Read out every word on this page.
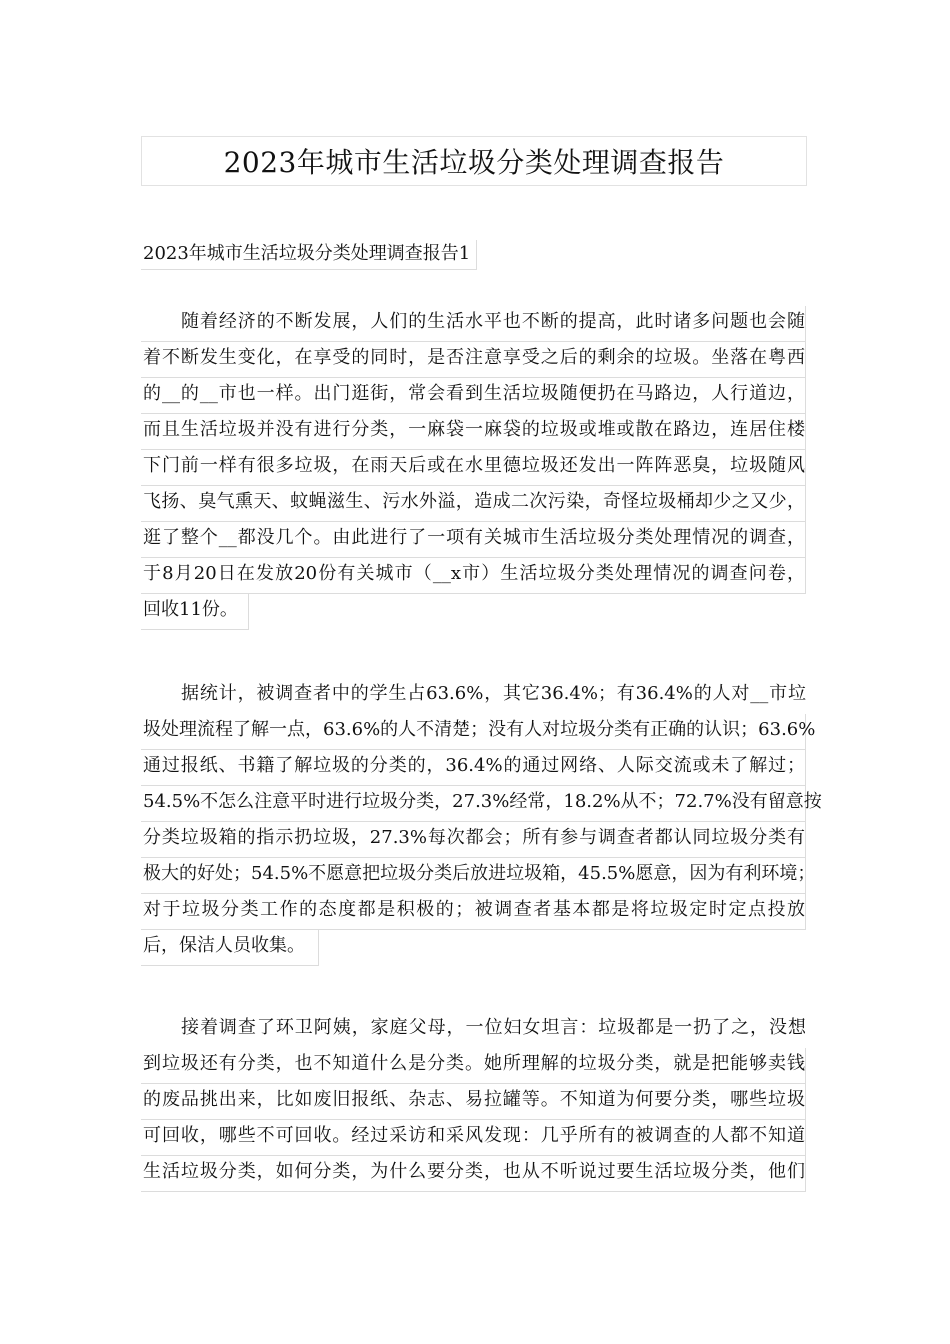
2023年城市生活垃圾分类处理调查报告
2023年城市生活垃圾分类处理调查报告1
随着经济的不断发展，人们的生活水平也不断的提高，此时诸多问题也会随
着不断发生变化，在享受的同时，是否注意享受之后的剩余的垃圾。坐落在粤西
的__的__市也一样。出门逛街，常会看到生活垃圾随便扔在马路边，人行道边，
而且生活垃圾并没有进行分类，一麻袋一麻袋的垃圾或堆或散在路边，连居住楼
下门前一样有很多垃圾，在雨天后或在水里德垃圾还发出一阵阵恶臭，垃圾随风
飞扬、臭气熏天、蚊蝇滋生、污水外溢，造成二次污染，奇怪垃圾桶却少之又少，
逛了整个__都没几个。由此进行了一项有关城市生活垃圾分类处理情况的调查，
于8月20日在发放20份有关城市（__x市）生活垃圾分类处理情况的调查问卷，
回收11份。
据统计，被调查者中的学生占63.6%，其它36.4%；有36.4%的人对__市垃
圾处理流程了解一点，63.6%的人不清楚；没有人对垃圾分类有正确的认识；63.6%
通过报纸、书籍了解垃圾的分类的，36.4%的通过网络、人际交流或未了解过；
54.5%不怎么注意平时进行垃圾分类，27.3%经常，18.2%从不；72.7%没有留意按
分类垃圾箱的指示扔垃圾，27.3%每次都会；所有参与调查者都认同垃圾分类有
极大的好处；54.5%不愿意把垃圾分类后放进垃圾箱，45.5%愿意，因为有利环境；
对于垃圾分类工作的态度都是积极的；被调查者基本都是将垃圾定时定点投放
后，保洁人员收集。
接着调查了环卫阿姨，家庭父母，一位妇女坦言：垃圾都是一扔了之，没想
到垃圾还有分类，也不知道什么是分类。她所理解的垃圾分类，就是把能够卖钱
的废品挑出来，比如废旧报纸、杂志、易拉罐等。不知道为何要分类，哪些垃圾
可回收，哪些不可回收。经过采访和采风发现：几乎所有的被调查的人都不知道
生活垃圾分类，如何分类，为什么要分类，也从不听说过要生活垃圾分类，他们
